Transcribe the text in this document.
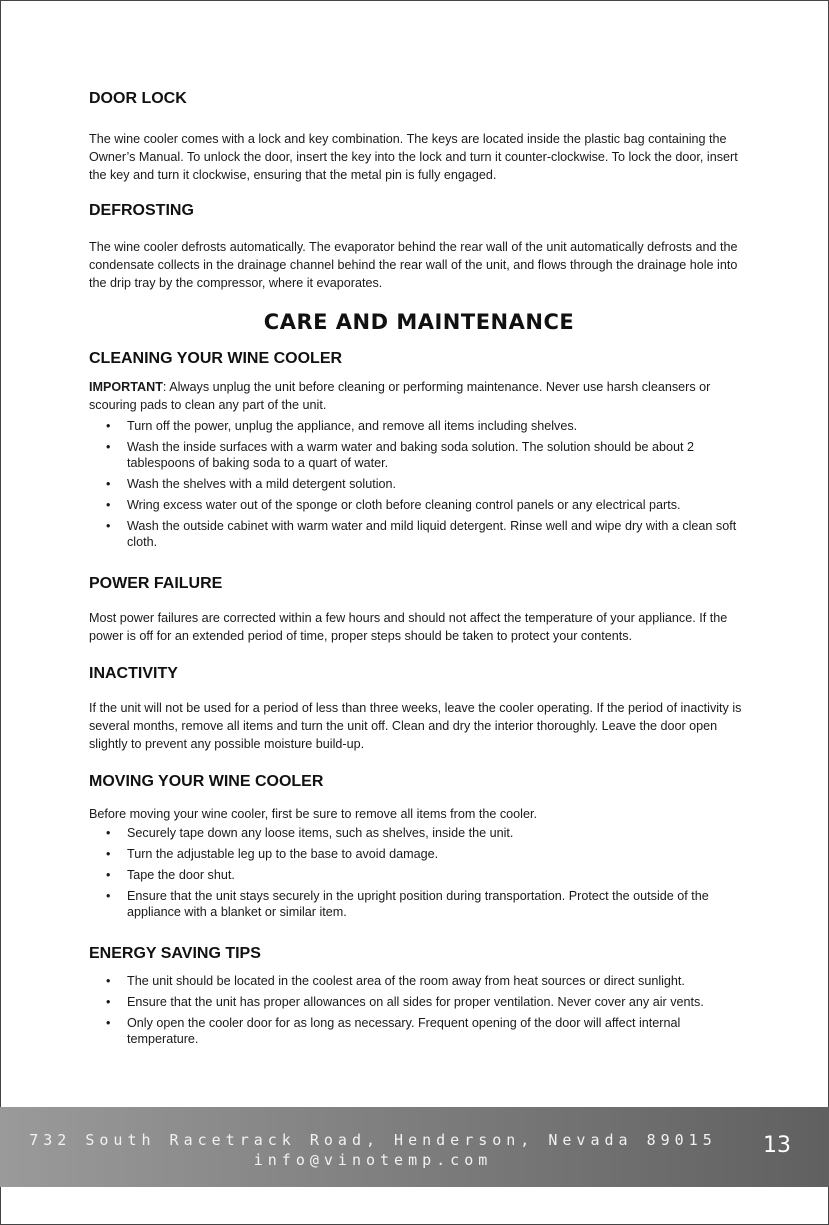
DOOR LOCK

The wine cooler comes with a lock and key combination. The keys are located inside the plastic bag containing the Owner’s Manual. To unlock the door, insert the key into the lock and turn it counter-clockwise. To lock the door, insert the key and turn it clockwise, ensuring that the metal pin is fully engaged.

DEFROSTING

The wine cooler defrosts automatically. The evaporator behind the rear wall of the unit automatically defrosts and the condensate collects in the drainage channel behind the rear wall of the unit, and flows through the drainage hole into the drip tray by the compressor, where it evaporates.

CARE AND MAINTENANCE
CLEANING YOUR WINE COOLER

IMPORTANT: Always unplug the unit before cleaning or performing maintenance. Never use harsh cleansers or scouring pads to clean any part of the unit.

• Turn off the power, unplug the appliance, and remove all items including shelves.
• Wash the inside surfaces with a warm water and baking soda solution. The solution should be about 2 tablespoons of baking soda to a quart of water.
• Wash the shelves with a mild detergent solution.
• Wring excess water out of the sponge or cloth before cleaning control panels or any electrical parts.
• Wash the outside cabinet with warm water and mild liquid detergent. Rinse well and wipe dry with a clean soft cloth.
POWER FAILURE

Most power failures are corrected within a few hours and should not affect the temperature of your appliance. If the power is off for an extended period of time, proper steps should be taken to protect your contents.

INACTIVITY

If the unit will not be used for a period of less than three weeks, leave the cooler operating. If the period of inactivity is several months, remove all items and turn the unit off. Clean and dry the interior thoroughly. Leave the door open slightly to prevent any possible moisture build-up.

MOVING YOUR WINE COOLER

Before moving your wine cooler, first be sure to remove all items from the cooler.

• Securely tape down any loose items, such as shelves, inside the unit.
• Turn the adjustable leg up to the base to avoid damage.
• Tape the door shut.
• Ensure that the unit stays securely in the upright position during transportation. Protect the outside of the appliance with a blanket or similar item.
ENERGY SAVING TIPS
• The unit should be located in the coolest area of the room away from heat sources or direct sunlight.
• Ensure that the unit has proper allowances on all sides for proper ventilation. Never cover any air vents.
• Only open the cooler door for as long as necessary. Frequent opening of the door will affect internal temperature.
732 South Racetrack Road, Henderson, Nevada 89015
info@vinotemp.com
13
